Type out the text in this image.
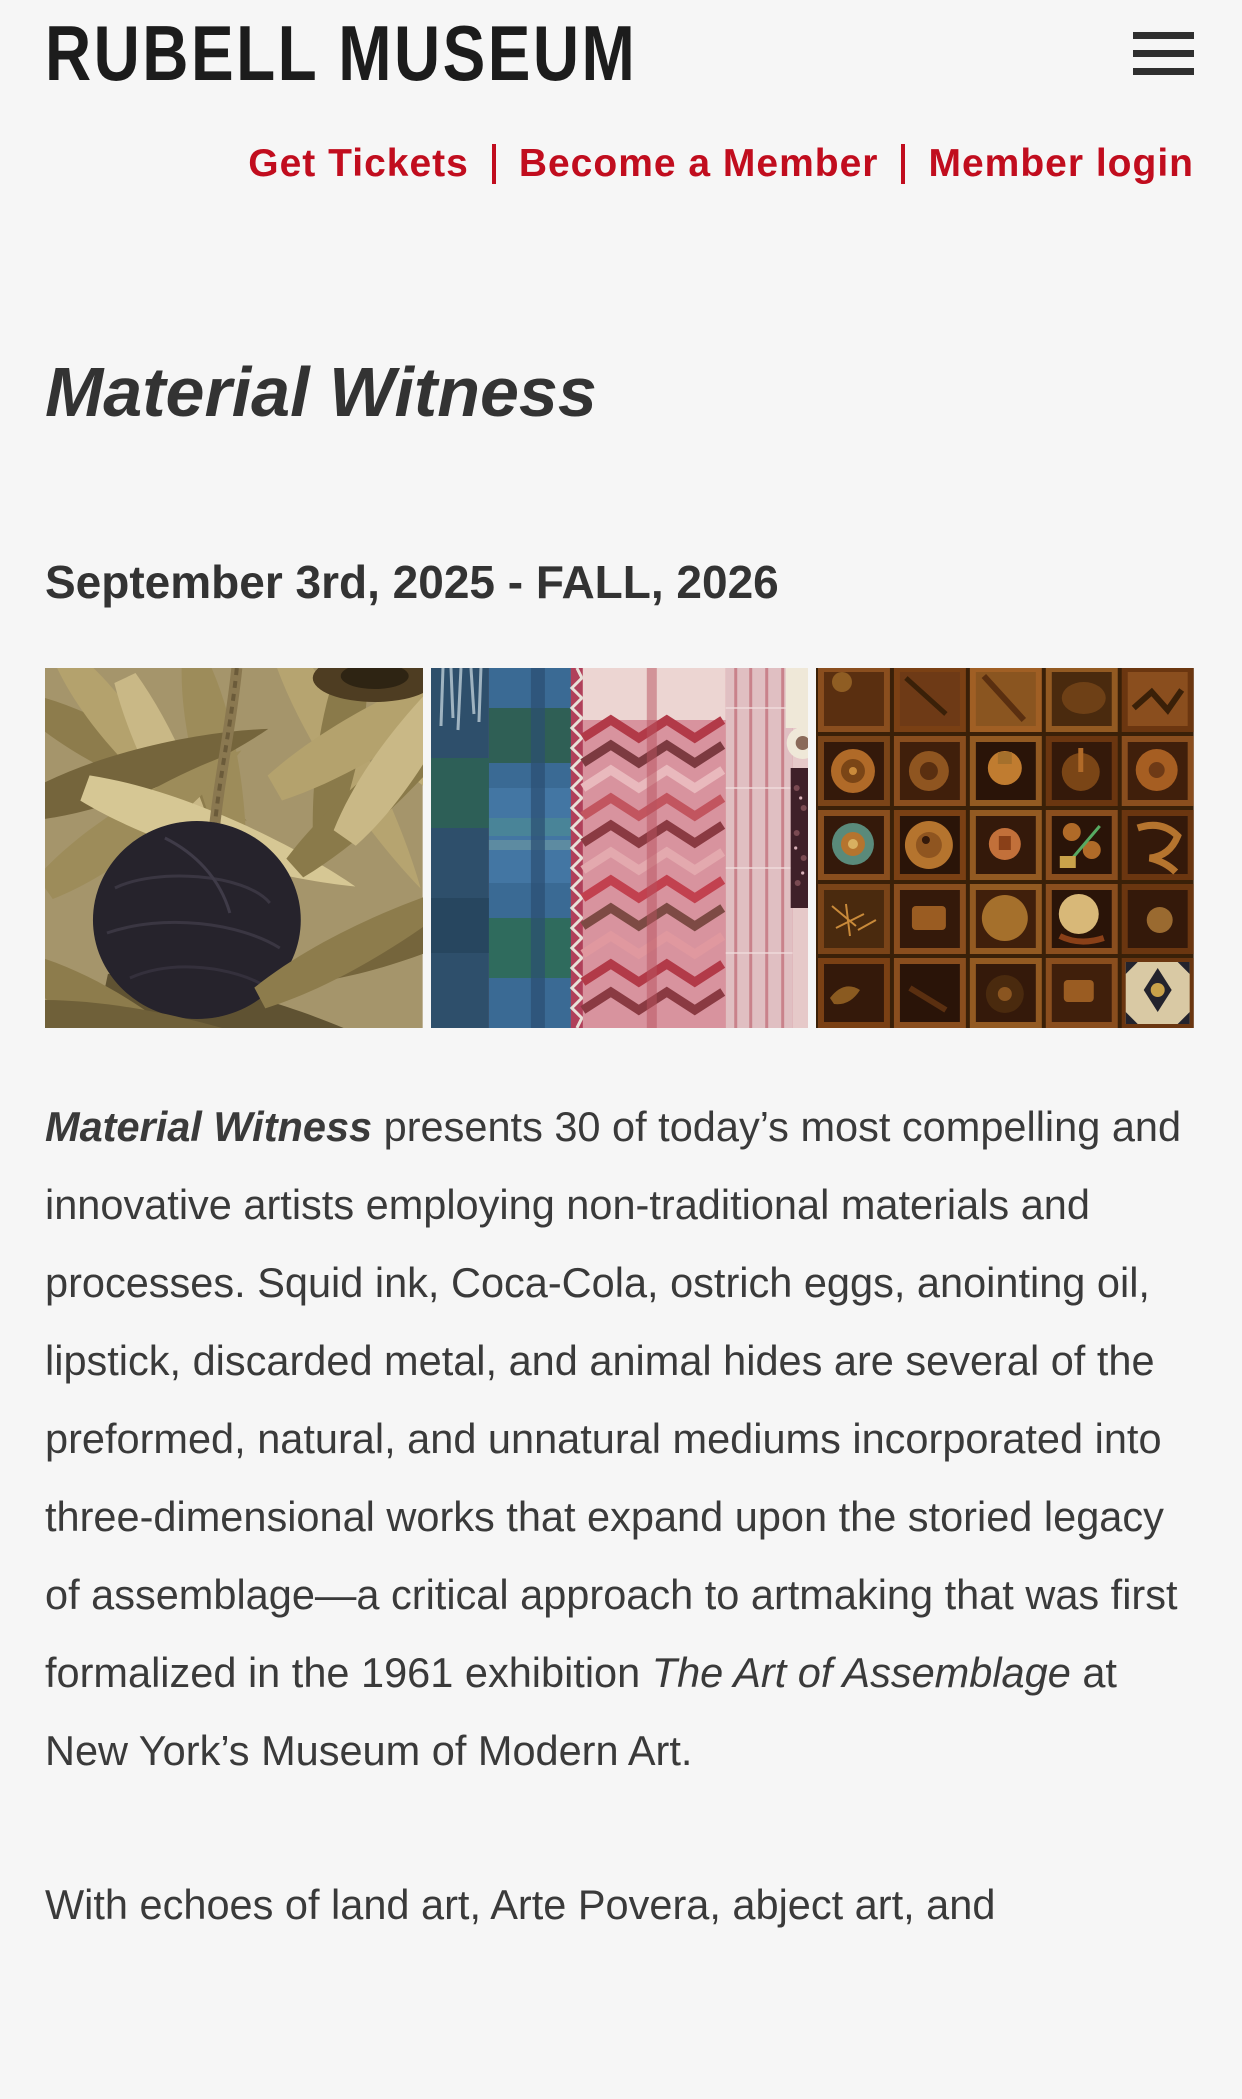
RUBELL MUSEUM
Get Tickets Become a Member Member login
Material Witness
September 3rd, 2025 - FALL, 2026

Material Witness presents 30 of today’s most compelling and innovative artists employing non-traditional materials and processes. Squid ink, Coca-Cola, ostrich eggs, anointing oil, lipstick, discarded metal, and animal hides are several of the preformed, natural, and unnatural mediums incorporated into three-dimensional works that expand upon the storied legacy of assemblage—a critical approach to artmaking that was first formalized in the 1961 exhibition The Art of Assemblage at New York’s Museum of Modern Art.

With echoes of land art, Arte Povera, abject art, and
